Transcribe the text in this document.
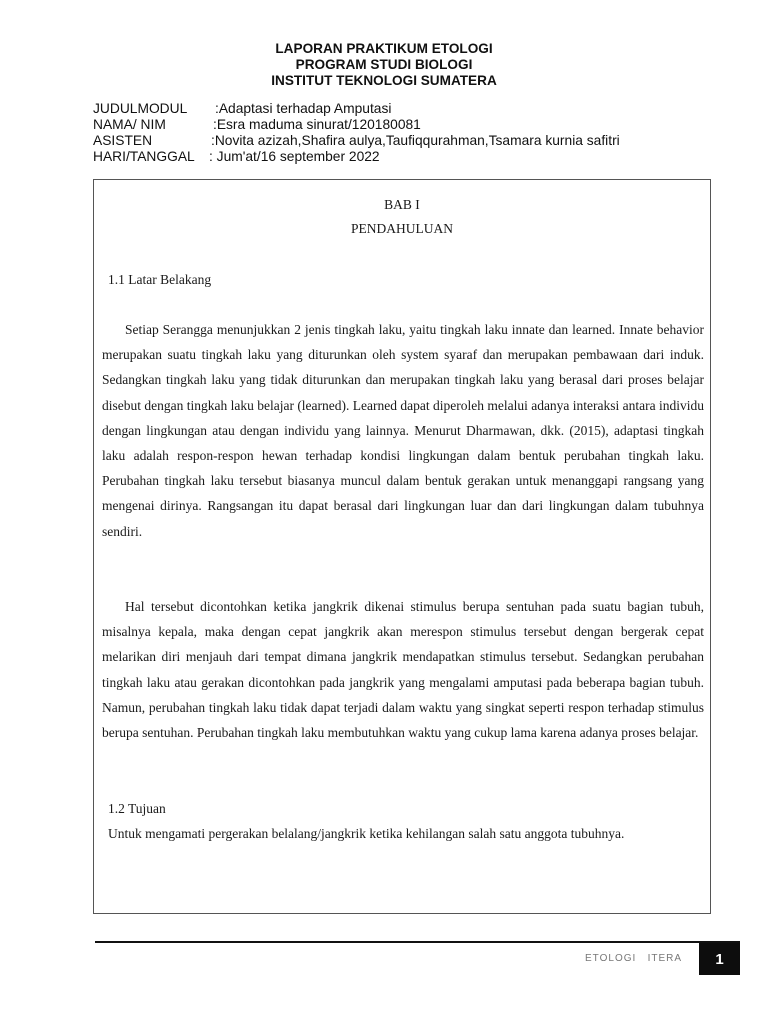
LAPORAN PRAKTIKUM ETOLOGI
PROGRAM STUDI BIOLOGI
INSTITUT TEKNOLOGI SUMATERA
JUDULMODUL :Adaptasi terhadap Amputasi
NAMA/ NIM	:Esra maduma sinurat/120180081
ASISTEN	:Novita azizah,Shafira aulya,Taufiqqurahman,Tsamara kurnia safitri
HARI/TANGGAL : Jum'at/16 september 2022
BAB I
PENDAHULUAN
1.1 Latar Belakang

Setiap Serangga menunjukkan 2 jenis tingkah laku, yaitu tingkah laku innate dan learned. Innate behavior merupakan suatu tingkah laku yang diturunkan oleh system syaraf dan merupakan pembawaan dari induk. Sedangkan tingkah laku yang tidak diturunkan dan merupakan tingkah laku yang berasal dari proses belajar disebut dengan tingkah laku belajar (learned). Learned dapat diperoleh melalui adanya interaksi antara individu dengan lingkungan atau dengan individu yang lainnya. Menurut Dharmawan, dkk. (2015), adaptasi tingkah laku adalah respon-respon hewan terhadap kondisi lingkungan dalam bentuk perubahan tingkah laku. Perubahan tingkah laku tersebut biasanya muncul dalam bentuk gerakan untuk menanggapi rangsang yang mengenai dirinya. Rangsangan itu dapat berasal dari lingkungan luar dan dari lingkungan dalam tubuhnya sendiri.

Hal tersebut dicontohkan ketika jangkrik dikenai stimulus berupa sentuhan pada suatu bagian tubuh, misalnya kepala, maka dengan cepat jangkrik akan merespon stimulus tersebut dengan bergerak cepat melarikan diri menjauh dari tempat dimana jangkrik mendapatkan stimulus tersebut. Sedangkan perubahan tingkah laku atau gerakan dicontohkan pada jangkrik yang mengalami amputasi pada beberapa bagian tubuh. Namun, perubahan tingkah laku tidak dapat terjadi dalam waktu yang singkat seperti respon terhadap stimulus berupa sentuhan. Perubahan tingkah laku membutuhkan waktu yang cukup lama karena adanya proses belajar.

1.2 Tujuan

Untuk mengamati pergerakan belalang/jangkrik ketika kehilangan salah satu anggota tubuhnya.

ETOLOGI   ITERA 1
